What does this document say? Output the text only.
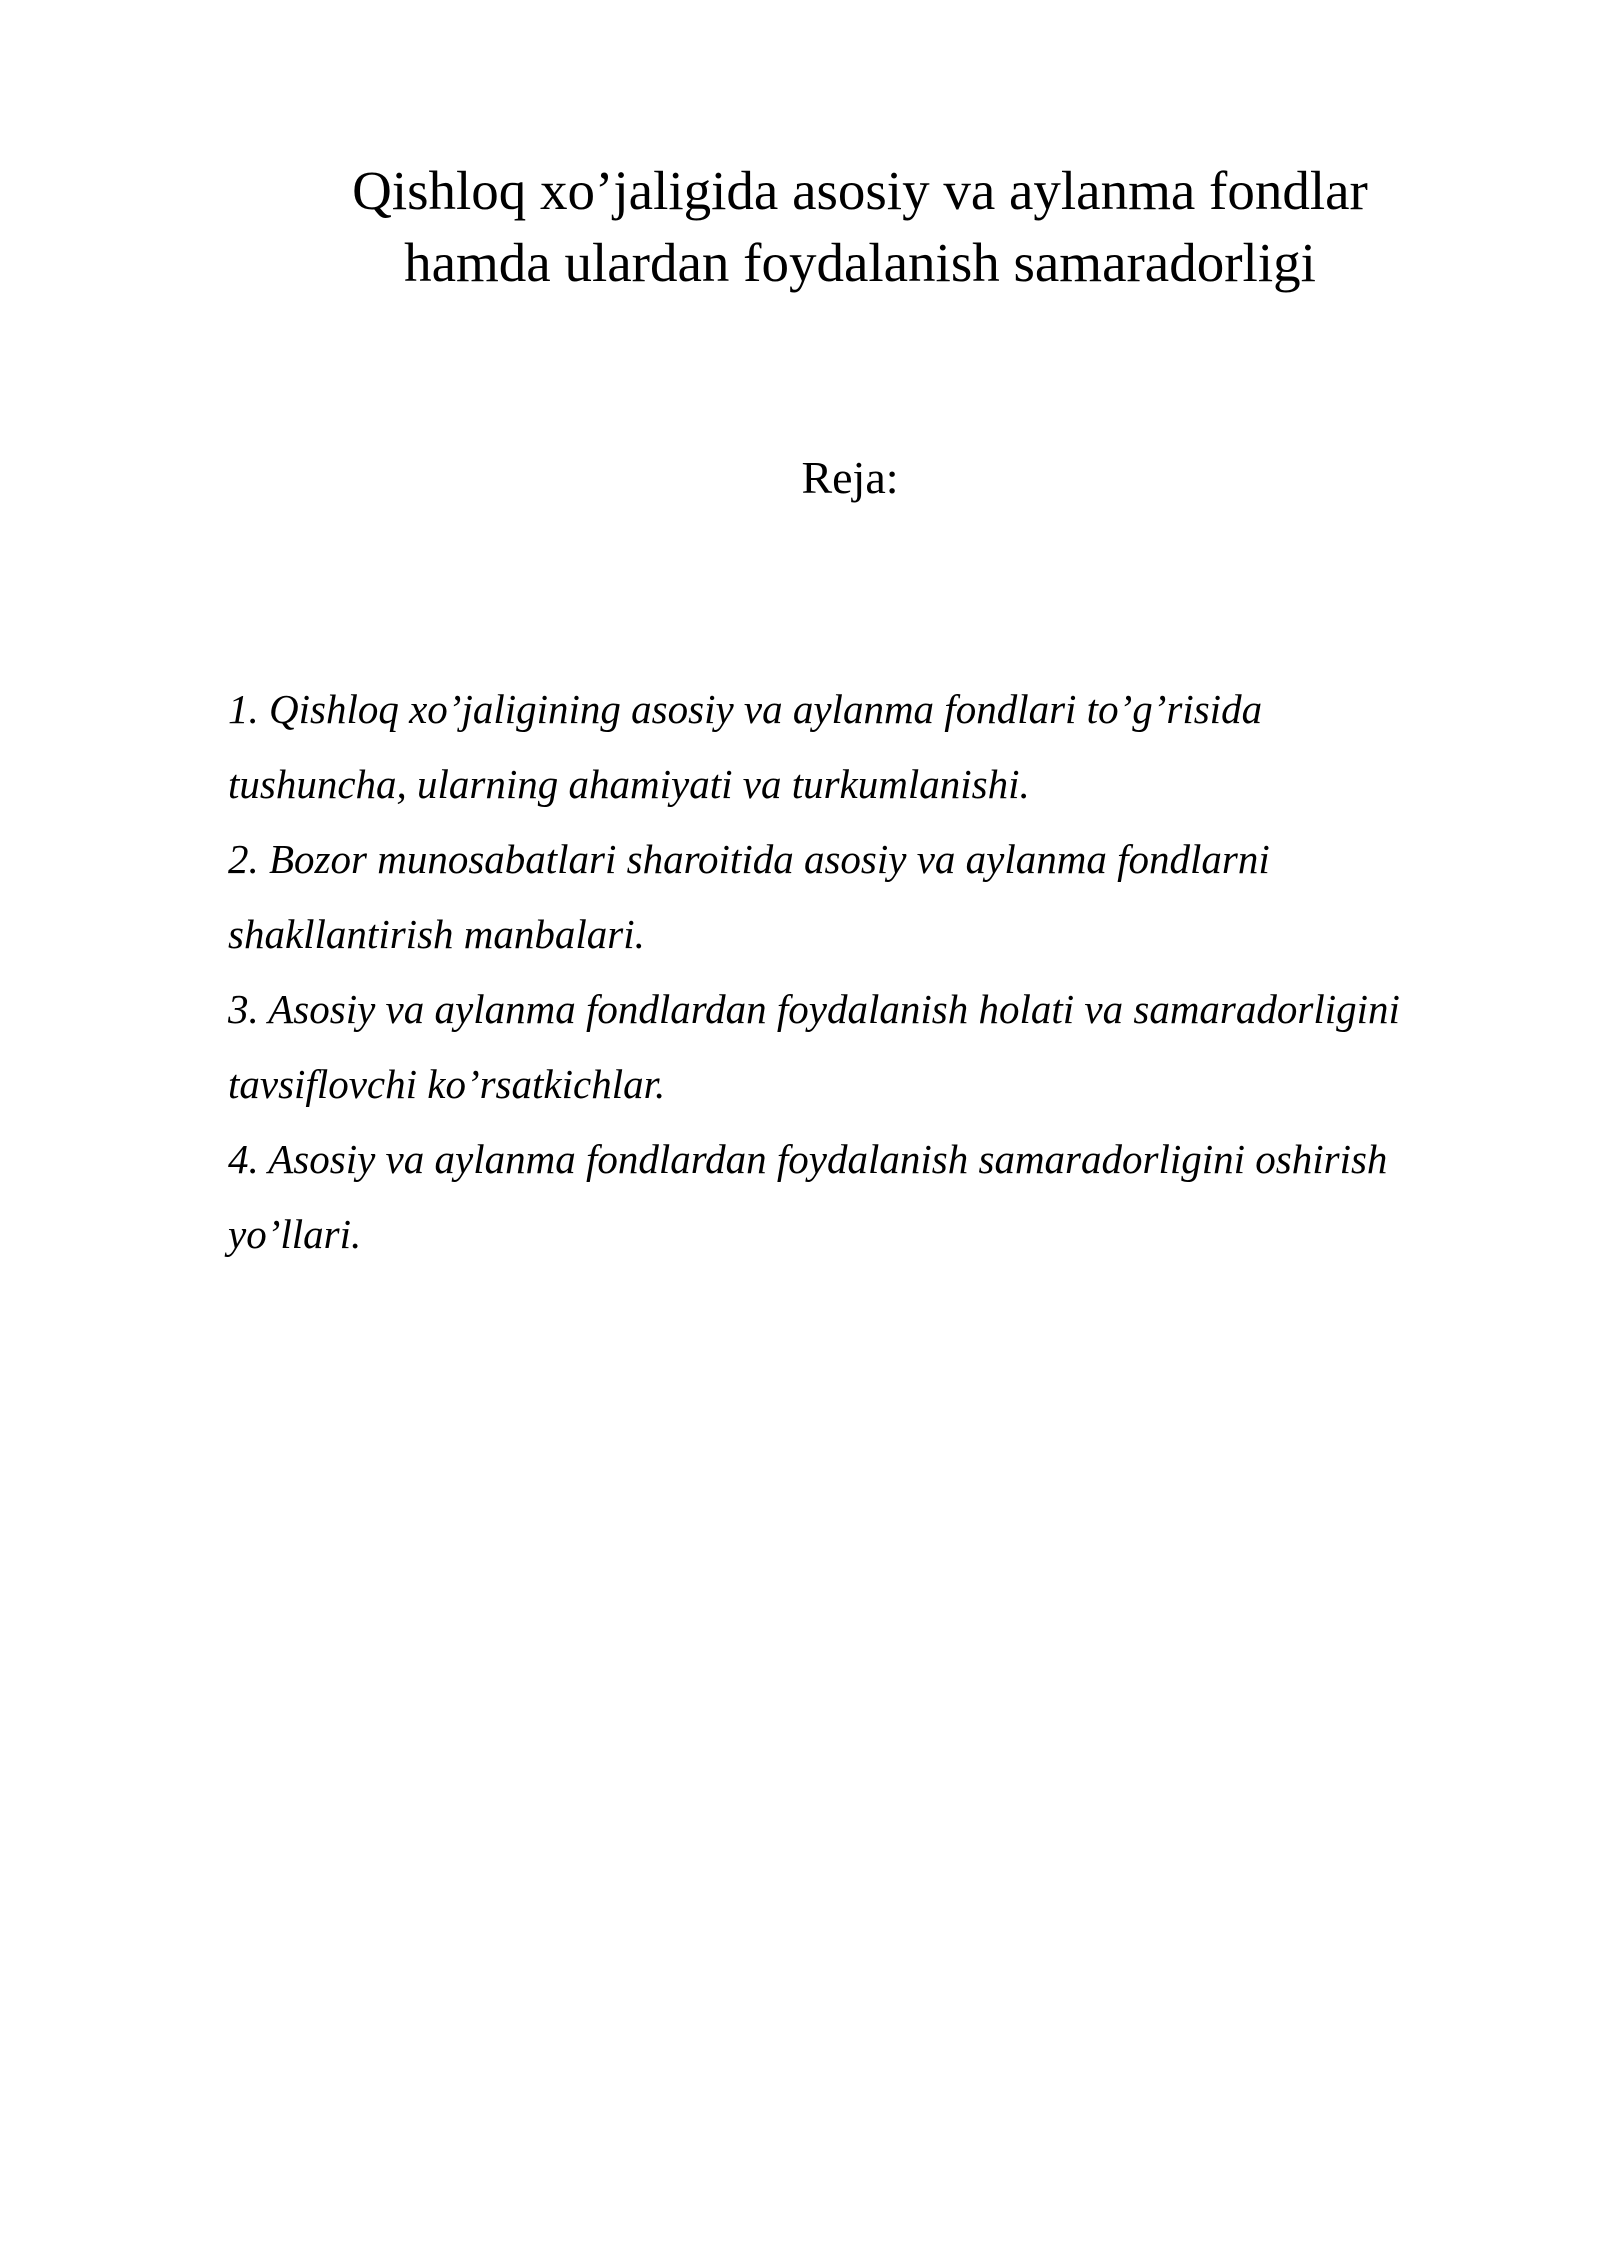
Qishloq xo’jaligida asosiy va aylanma fondlar
hamda ulardan foydalanish samaradorligi
Reja:
1. Qishloq xo’jaligining asosiy va aylanma fondlari to’g’risida
tushuncha, ularning ahamiyati va turkumlanishi.
2. Bozor munosabatlari sharoitida asosiy va aylanma fondlarni
shakllantirish manbalari.
3. Asosiy va aylanma fondlardan foydalanish holati va samaradorligini
tavsiflovchi ko’rsatkichlar.
4. Asosiy va aylanma fondlardan foydalanish samaradorligini oshirish
yo’llari.
